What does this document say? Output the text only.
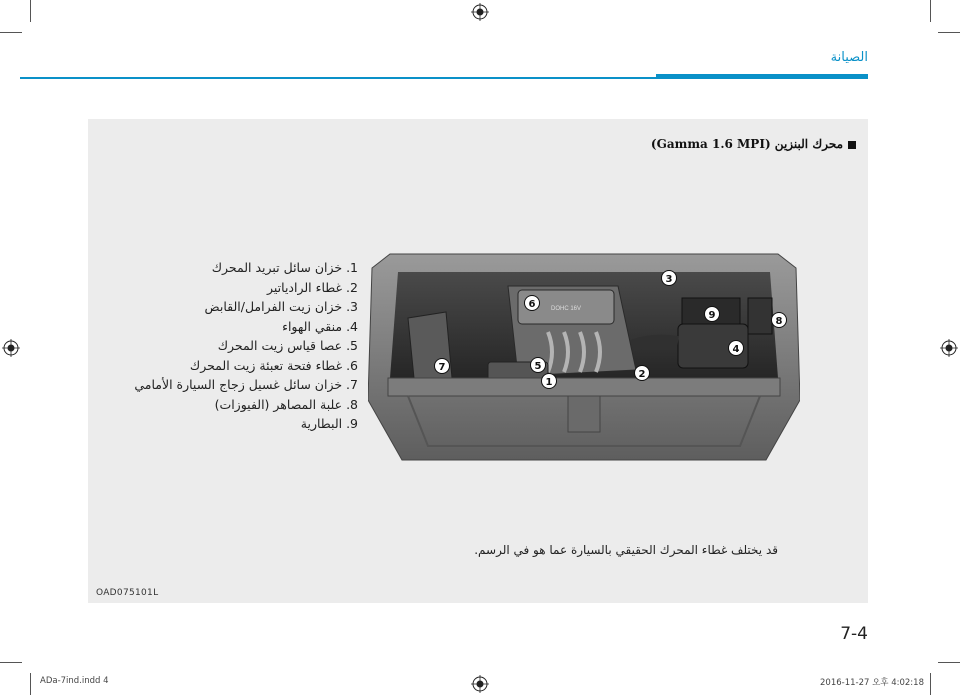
الصيانة
محرك البنزين (Gamma 1.6 MPI)
1. خزان سائل تبريد المحرك
2. غطاء الرادياتير
3. خزان زيت الفرامل/القابض
4. منقي الهواء
5. عصا قياس زيت المحرك
6. غطاء فتحة تعبئة زيت المحرك
7. خزان سائل غسيل زجاج السيارة الأمامي
8. علبة المصاهر (الفيوزات)
9. البطارية
DOHC 16V
1
2
3
4
5
6
7
8
9
قد يختلف غطاء المحرك الحقيقي بالسيارة عما هو في الرسم.
OAD075101L
7-4
ADa-7ind.indd 4	2016-11-27 오후 4:02:18
